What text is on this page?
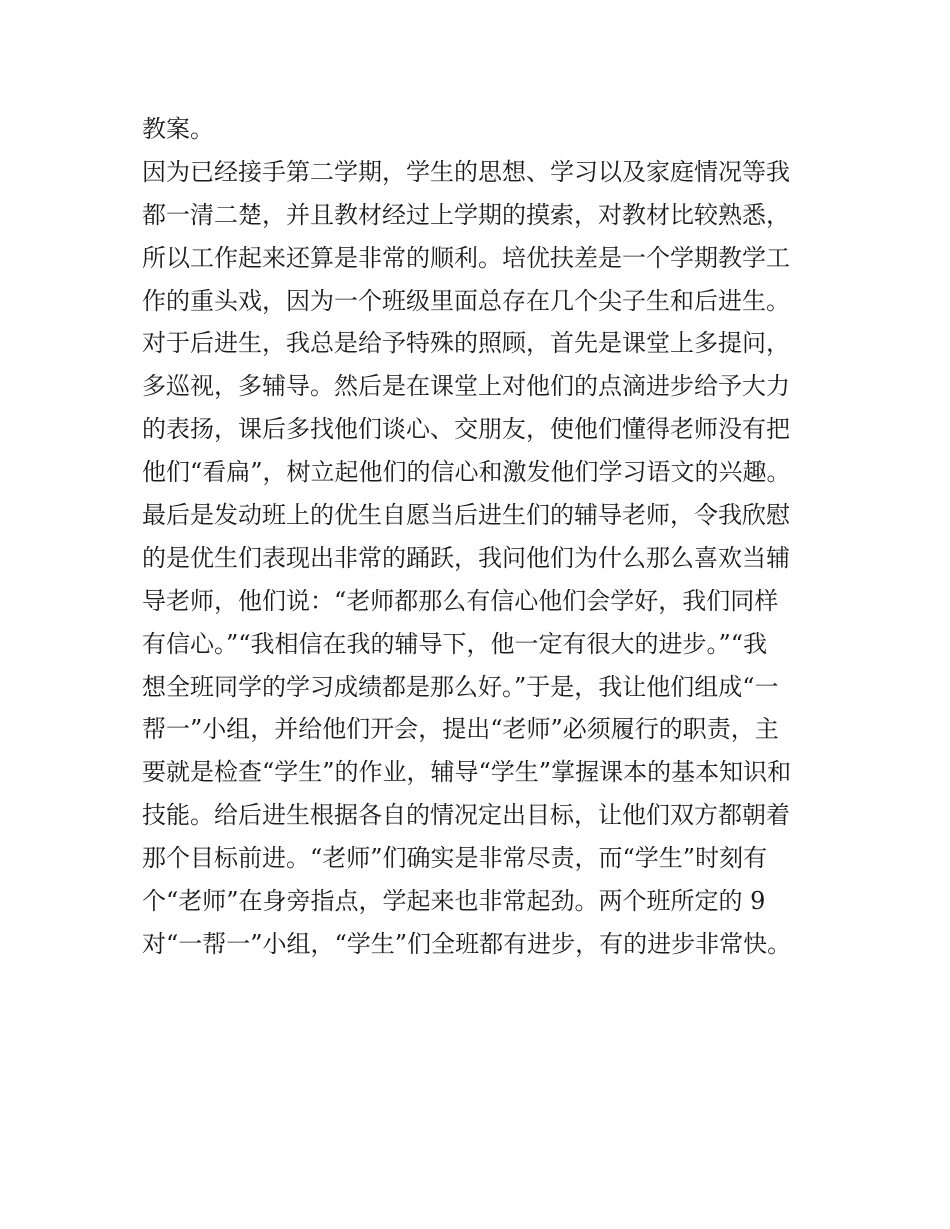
教案。
因为已经接手第二学期，学生的思想、学习以及家庭情况等我
都一清二楚，并且教材经过上学期的摸索，对教材比较熟悉，
所以工作起来还算是非常的顺利。培优扶差是一个学期教学工
作的重头戏，因为一个班级里面总存在几个尖子生和后进生。
对于后进生，我总是给予特殊的照顾，首先是课堂上多提问，
多巡视，多辅导。然后是在课堂上对他们的点滴进步给予大力
的表扬，课后多找他们谈心、交朋友，使他们懂得老师没有把
他们“看扁”，树立起他们的信心和激发他们学习语文的兴趣。
最后是发动班上的优生自愿当后进生们的辅导老师，令我欣慰
的是优生们表现出非常的踊跃，我问他们为什么那么喜欢当辅
导老师，他们说：“老师都那么有信心他们会学好，我们同样
有信心。”“我相信在我的辅导下，他一定有很大的进步。”“我
想全班同学的学习成绩都是那么好。”于是，我让他们组成“一
帮一”小组，并给他们开会，提出“老师”必须履行的职责，主
要就是检查“学生”的作业，辅导“学生”掌握课本的基本知识和
技能。给后进生根据各自的情况定出目标，让他们双方都朝着
那个目标前进。“老师”们确实是非常尽责，而“学生”时刻有
个“老师”在身旁指点，学起来也非常起劲。两个班所定的 9
对“一帮一”小组，“学生”们全班都有进步，有的进步非常快。
